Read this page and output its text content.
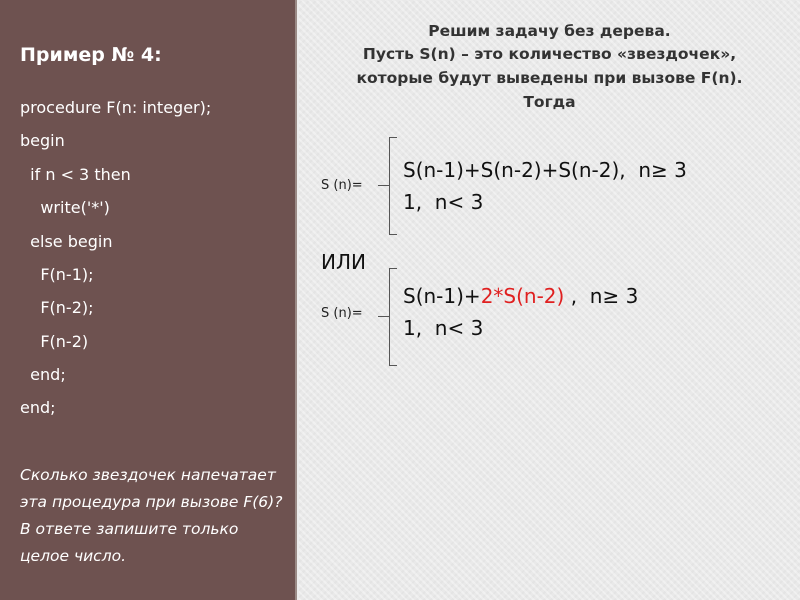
Пример № 4:
procedure F(n: integer);
begin
if n < 3 then
write('*')
else begin
F(n-1);
F(n-2);
F(n-2)
end;
end;
Сколько звездочек напечатает эта процедура при вызове F(6)? В ответе запишите только целое число.
Решим задачу без дерева.
Пусть S(n) – это количество «звездочек»,
которые будут выведены при вызове F(n).
Тогда
S (n)=
S(n-1)+S(n-2)+S(n-2),  n≥ 3
1,  n< 3
ИЛИ
S (n)=
S(n-1)+2*S(n-2) ,  n≥ 3
1,  n< 3
